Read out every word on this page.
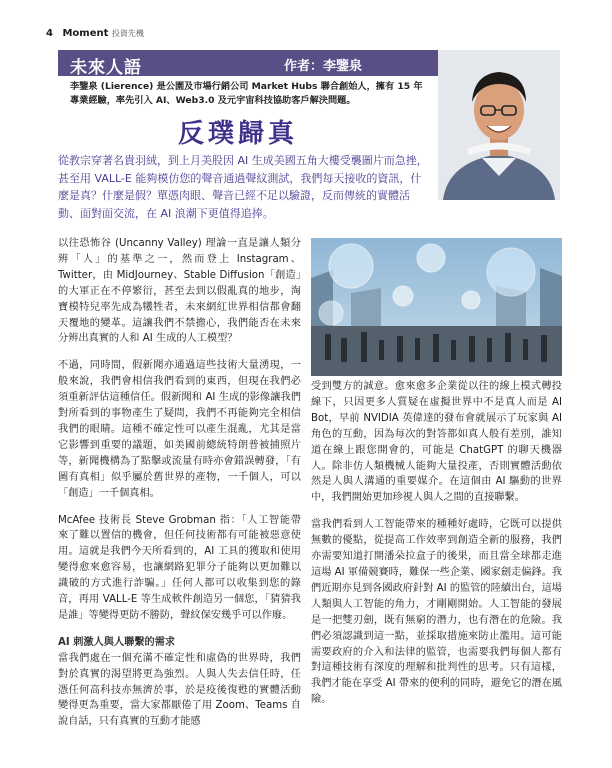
4 Moment 投資先機
未來人語	作者：李鑒泉
李鑒泉 (Lierence) 是公園及市場行銷公司 Market Hubs 聯合創始人，擁有 15 年專業經驗，率先引入 AI、Web3.0 及元宇宙科技協助客戶解決問題。
反璞歸真
從教宗穿著名貴羽絨，到上月美股因 AI 生成美國五角大樓受襲圖片而急挫，甚至用 VALL-E 能夠模仿您的聲音通過聲紋測試，我們每天接收的資訊，什麼是真？什麼是假？單憑肉眼、聲音已經不足以驗證，反而傳統的實體活動、面對面交流，在 AI 浪潮下更值得追捧。

以往恐怖谷 (Uncanny Valley) 理論一直是讓人類分辨「人」的基準之一，然而登上 Instagram、Twitter，由 MidJourney、Stable Diffusion「創造」的大軍正在不停繁衍，甚至去到以假亂真的地步，淘寶模特兒率先成為犧牲者，未來網紅世界相信都會翻天覆地的變革。這讓我們不禁擔心，我們能否在未來分辨出真實的人和 AI 生成的人工模型？

不過，同時間，假新聞亦通過這些技術大量湧現，一般來說，我們會相信我們看到的東西，但現在我們必須重新評估這種信任。假新聞和 AI 生成的影像讓我們對所看到的事物產生了疑問，我們不再能夠完全相信我們的眼睛。這種不確定性可以產生混亂，尤其是當它影響到重要的議題，如美國前總統特朗普被捕照片等，新聞機構為了點擊或流量有時亦會錯誤轉發，「有圖有真相」似乎屬於舊世界的產物，一千個人，可以「創造」一千個真相。

McAfee 技術長 Steve Grobman 指：「人工智能帶來了難以置信的機會，但任何技術都有可能被惡意使用。這就是我們今天所看到的，AI 工具的獲取和使用變得愈來愈容易，也讓網路犯罪分子能夠以更加難以識破的方式進行詐騙。」任何人都可以收集到您的錄音，再用 VALL-E 等生成軟件創造另一個您，「猜猜我是誰」等變得更防不勝防，聲紋保安幾乎可以作廢。

AI 刺激人與人聯繫的需求

當我們處在一個充滿不確定性和虛偽的世界時，我們對於真實的渴望將更為強烈。人與人失去信任時，任憑任何高科技亦無濟於事，於是疫後復甦的實體活動變得更為重要，當大家都厭倦了用 Zoom、Teams 自說自話，只有真實的互動才能感

受到雙方的誠意。愈來愈多企業從以往的線上模式轉投線下，只因更多人質疑在虛擬世界中不是真人而是 AI Bot，早前 NVIDIA 英偉達的發布會就展示了玩家與 AI 角色的互動，因為每次的對答都如真人般有差別，誰知道在線上跟您開會的，可能是 ChatGPT 的聊天機器人。除非仿人類機械人能夠大量投產，否則實體活動依然是人與人溝通的重要媒介。在這個由 AI 驅動的世界中，我們開始更加珍視人與人之間的直接聯繫。

當我們看到人工智能帶來的種種好處時，它既可以提供無數的優點，從提高工作效率到創造全新的服務，我們亦需要知道打開潘朵拉盒子的後果，而且當全球都走進這場 AI 軍備競賽時，難保一些企業、國家劍走偏鋒。我們近期亦見到各國政府針對 AI 的監管的陸續出台，這場人類與人工智能的角力，才剛剛開始。人工智能的發展是一把雙刃劍，既有無窮的潛力，也有潛在的危險。我們必須認識到這一點，並採取措施來防止濫用。這可能需要政府的介入和法律的監管，也需要我們每個人都有對這種技術有深度的理解和批判性的思考。只有這樣，我們才能在享受 AI 帶來的便利的同時，避免它的潛在風險。
